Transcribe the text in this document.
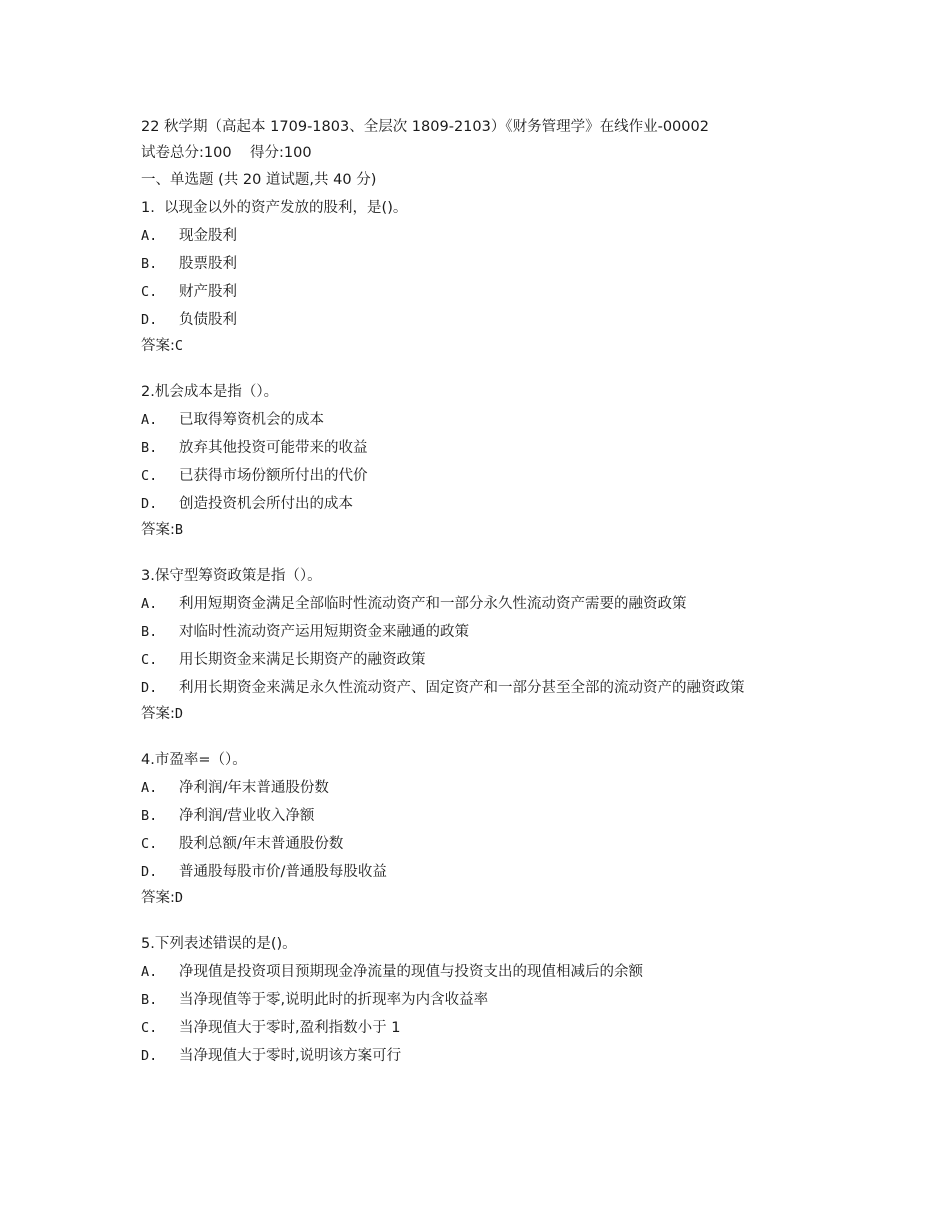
22 秋学期（高起本 1709-1803、全层次 1809-2103）《财务管理学》在线作业-00002
试卷总分:100    得分:100
一、单选题 (共 20 道试题,共 40 分)
1.  以现金以外的资产发放的股利，是()。
A.	现金股利
B.	股票股利
C.	财产股利
D.	负债股利
答案:C
2.机会成本是指（）。
A.	已取得筹资机会的成本
B.	放弃其他投资可能带来的收益
C.	已获得市场份额所付出的代价
D.	创造投资机会所付出的成本
答案:B
3.保守型筹资政策是指（）。
A.	利用短期资金满足全部临时性流动资产和一部分永久性流动资产需要的融资政策
B.	对临时性流动资产运用短期资金来融通的政策
C.	用长期资金来满足长期资产的融资政策
D.	利用长期资金来满足永久性流动资产、固定资产和一部分甚至全部的流动资产的融资政策
答案:D
4.市盈率=（）。
A.	净利润/年末普通股份数
B.	净利润/营业收入净额
C.	股利总额/年末普通股份数
D.	普通股每股市价/普通股每股收益
答案:D
5.下列表述错误的是()。
A.	净现值是投资项目预期现金净流量的现值与投资支出的现值相减后的余额
B.	当净现值等于零,说明此时的折现率为内含收益率
C.	当净现值大于零时,盈利指数小于 1
D.	当净现值大于零时,说明该方案可行
